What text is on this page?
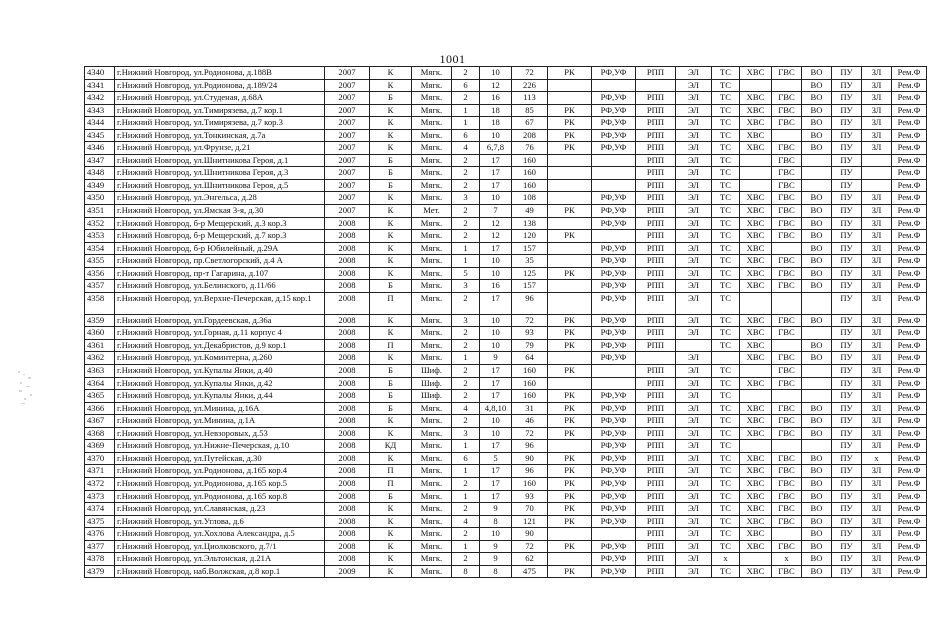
1001
4340	г.Нижний Новгород, ул.Родионова, д.188В	2007	К	Мягк.	2	10	72	РК	РФ,УФ	РПП	ЭЛ	ТС	ХВС	ГВС	ВО	ПУ	ЗЛ	Рем.Ф
4341	г.Нижний Новгород, ул.Родионова, д.189/24	2007	К	Мягк.	6	12	226				ЭЛ	ТС			ВО	ПУ	ЗЛ	Рем.Ф
4342	г.Нижний Новгород, ул.Студеная, д.68А	2007	Б	Мягк.	2	16	113		РФ,УФ	РПП	ЭЛ	ТС	ХВС	ГВС	ВО	ПУ	ЗЛ	Рем.Ф
4343	г.Нижний Новгород, ул.Тимирязева, д.7 кор.1	2007	К	Мягк.	1	18	85	РК	РФ,УФ	РПП	ЭЛ	ТС	ХВС	ГВС	ВО	ПУ	ЗЛ	Рем.Ф
4344	г.Нижний Новгород, ул.Тимирязева, д.7 кор.3	2007	К	Мягк.	1	18	67	РК	РФ,УФ	РПП	ЭЛ	ТС	ХВС	ГВС	ВО	ПУ	ЗЛ	Рем.Ф
4345	г.Нижний Новгород, ул.Тонкинская, д.7а	2007	К	Мягк.	6	10	208	РК	РФ,УФ	РПП	ЭЛ	ТС	ХВС		ВО	ПУ	ЗЛ	Рем.Ф
4346	г.Нижний Новгород, ул.Фрунзе, д.21	2007	К	Мягк.	4	6,7,8	76	РК	РФ,УФ	РПП	ЭЛ	ТС	ХВС	ГВС	ВО	ПУ	ЗЛ	Рем.Ф
4347	г.Нижний Новгород, ул.Шнитникова Героя, д.1	2007	Б	Мягк.	2	17	160			РПП	ЭЛ	ТС		ГВС		ПУ		Рем.Ф
4348	г.Нижний Новгород, ул.Шнитникова Героя, д.3	2007	Б	Мягк.	2	17	160			РПП	ЭЛ	ТС		ГВС		ПУ		Рем.Ф
4349	г.Нижний Новгород, ул.Шнитникова Героя, д.5	2007	Б	Мягк.	2	17	160			РПП	ЭЛ	ТС		ГВС		ПУ		Рем.Ф
4350	г.Нижний Новгород, ул.Энгельса, д.28	2007	К	Мягк.	3	10	108		РФ,УФ	РПП	ЭЛ	ТС	ХВС	ГВС	ВО	ПУ	ЗЛ	Рем.Ф
4351	г.Нижний Новгород, ул.Ямская 3-я, д.30	2007	К	Мет.	2	7	49	РК	РФ,УФ	РПП	ЭЛ	ТС	ХВС	ГВС	ВО	ПУ	ЗЛ	Рем.Ф
4352	г.Нижний Новгород, б-р Мещерский, д.3 кор.3	2008	К	Мягк.	2	12	138		РФ,УФ	РПП	ЭЛ	ТС	ХВС	ГВС	ВО	ПУ	ЗЛ	Рем.Ф
4353	г.Нижний Новгород, б-р Мещерский, д.7 кор.3	2008	К	Мягк.	2	12	120	РК		РПП	ЭЛ	ТС	ХВС	ГВС	ВО	ПУ	ЗЛ	Рем.Ф
4354	г.Нижний Новгород, б-р Юбилейный, д.29А	2008	К	Мягк.	1	17	157		РФ,УФ	РПП	ЭЛ	ТС	ХВС		ВО	ПУ	ЗЛ	Рем.Ф
4355	г.Нижний Новгород, пр.Светлогорский, д.4 А	2008	К	Мягк.	1	10	35		РФ,УФ	РПП	ЭЛ	ТС	ХВС	ГВС	ВО	ПУ	ЗЛ	Рем.Ф
4356	г.Нижний Новгород, пр-т Гагарина, д.107	2008	К	Мягк.	5	10	125	РК	РФ,УФ	РПП	ЭЛ	ТС	ХВС	ГВС	ВО	ПУ	ЗЛ	Рем.Ф
4357	г.Нижний Новгород, ул.Белинского, д.11/66	2008	Б	Мягк.	3	16	157		РФ,УФ	РПП	ЭЛ	ТС	ХВС	ГВС	ВО	ПУ	ЗЛ	Рем.Ф
4358	г.Нижний Новгород, ул.Верхне-Печерская, д.15 кор.1	2008	П	Мягк.	2	17	96		РФ,УФ	РПП	ЭЛ	ТС				ПУ	ЗЛ	Рем.Ф
4359	г.Нижний Новгород, ул.Гордеевская, д.36а	2008	К	Мягк.	3	10	72	РК	РФ,УФ	РПП	ЭЛ	ТС	ХВС	ГВС	ВО	ПУ	ЗЛ	Рем.Ф
4360	г.Нижний Новгород, ул.Горная, д.11 корпус 4	2008	К	Мягк.	2	10	93	РК	РФ,УФ	РПП	ЭЛ	ТС	ХВС	ГВС		ПУ	ЗЛ	Рем.Ф
4361	г.Нижний Новгород, ул.Декабристов, д.9 кор.1	2008	П	Мягк.	2	10	79	РК	РФ,УФ	РПП		ТС	ХВС		ВО	ПУ	ЗЛ	Рем.Ф
4362	г.Нижний Новгород, ул.Коминтерна, д.260	2008	К	Мягк.	1	9	64		РФ,УФ		ЭЛ		ХВС	ГВС	ВО	ПУ	ЗЛ	Рем.Ф
4363	г.Нижний Новгород, ул.Купалы Янки, д.40	2008	Б	Шиф.	2	17	160	РК		РПП	ЭЛ	ТС		ГВС		ПУ	ЗЛ	Рем.Ф
4364	г.Нижний Новгород, ул.Купалы Янки, д.42	2008	Б	Шиф.	2	17	160			РПП	ЭЛ	ТС	ХВС	ГВС		ПУ	ЗЛ	Рем.Ф
4365	г.Нижний Новгород, ул.Купалы Янки, д.44	2008	Б	Шиф.	2	17	160	РК	РФ,УФ	РПП	ЭЛ	ТС				ПУ	ЗЛ	Рем.Ф
4366	г.Нижний Новгород, ул.Минина, д.16А	2008	Б	Мягк.	4	4,8,10	31	РК	РФ,УФ	РПП	ЭЛ	ТС	ХВС	ГВС	ВО	ПУ	ЗЛ	Рем.Ф
4367	г.Нижний Новгород, ул.Минина, д.1А	2008	К	Мягк.	2	10	46	РК	РФ,УФ	РПП	ЭЛ	ТС	ХВС	ГВС	ВО	ПУ	ЗЛ	Рем.Ф
4368	г.Нижний Новгород, ул.Невзоровых, д.53	2008	К	Мягк.	3	10	72	РК	РФ,УФ	РПП	ЭЛ	ТС	ХВС	ГВС	ВО	ПУ	ЗЛ	Рем.Ф
4369	г.Нижний Новгород, ул.Нижне-Печерская, д.10	2008	КД	Мягк.	1	17	96		РФ,УФ	РПП	ЭЛ	ТС				ПУ	ЗЛ	Рем.Ф
4370	г.Нижний Новгород, ул.Путейская, д.30	2008	К	Мягк.	6	5	90	РК	РФ,УФ	РПП	ЭЛ	ТС	ХВС	ГВС	ВО	ПУ	х	Рем.Ф
4371	г.Нижний Новгород, ул.Родионова, д.165 кор.4	2008	П	Мягк.	1	17	96	РК	РФ,УФ	РПП	ЭЛ	ТС	ХВС	ГВС	ВО	ПУ	ЗЛ	Рем.Ф
4372	г.Нижний Новгород, ул.Родионова, д.165 кор.5	2008	П	Мягк.	2	17	160	РК	РФ,УФ	РПП	ЭЛ	ТС	ХВС	ГВС	ВО	ПУ	ЗЛ	Рем.Ф
4373	г.Нижний Новгород, ул.Родионова, д.165 кор.8	2008	Б	Мягк.	1	17	93	РК	РФ,УФ	РПП	ЭЛ	ТС	ХВС	ГВС	ВО	ПУ	ЗЛ	Рем.Ф
4374	г.Нижний Новгород, ул.Славянская, д.23	2008	К	Мягк.	2	9	70	РК	РФ,УФ	РПП	ЭЛ	ТС	ХВС	ГВС	ВО	ПУ	ЗЛ	Рем.Ф
4375	г.Нижний Новгород, ул.Углова, д.6	2008	К	Мягк.	4	8	121	РК	РФ,УФ	РПП	ЭЛ	ТС	ХВС	ГВС	ВО	ПУ	ЗЛ	Рем.Ф
4376	г.Нижний Новгород, ул.Хохлова Александра, д.5	2008	К	Мягк.	2	10	90			РПП	ЭЛ	ТС	ХВС		ВО	ПУ	ЗЛ	Рем.Ф
4377	г.Нижний Новгород, ул.Циолковского, д.7/1	2008	К	Мягк.	1	9	72	РК	РФ,УФ	РПП	ЭЛ	ТС	ХВС	ГВС	ВО	ПУ	ЗЛ	Рем.Ф
4378	г.Нижний Новгород, ул.Эльтонская, д.21А	2008	К	Мягк.	2	9	62		РФ,УФ	РПП	ЭЛ	х		х	ВО	ПУ	ЗЛ	Рем.Ф
4379	г.Нижний Новгород, наб.Волжская, д.8 кор.1	2009	К	Мягк.	8	8	475	РК	РФ,УФ	РПП	ЭЛ	ТС	ХВС	ГВС	ВО	ПУ	ЗЛ	Рем.Ф
